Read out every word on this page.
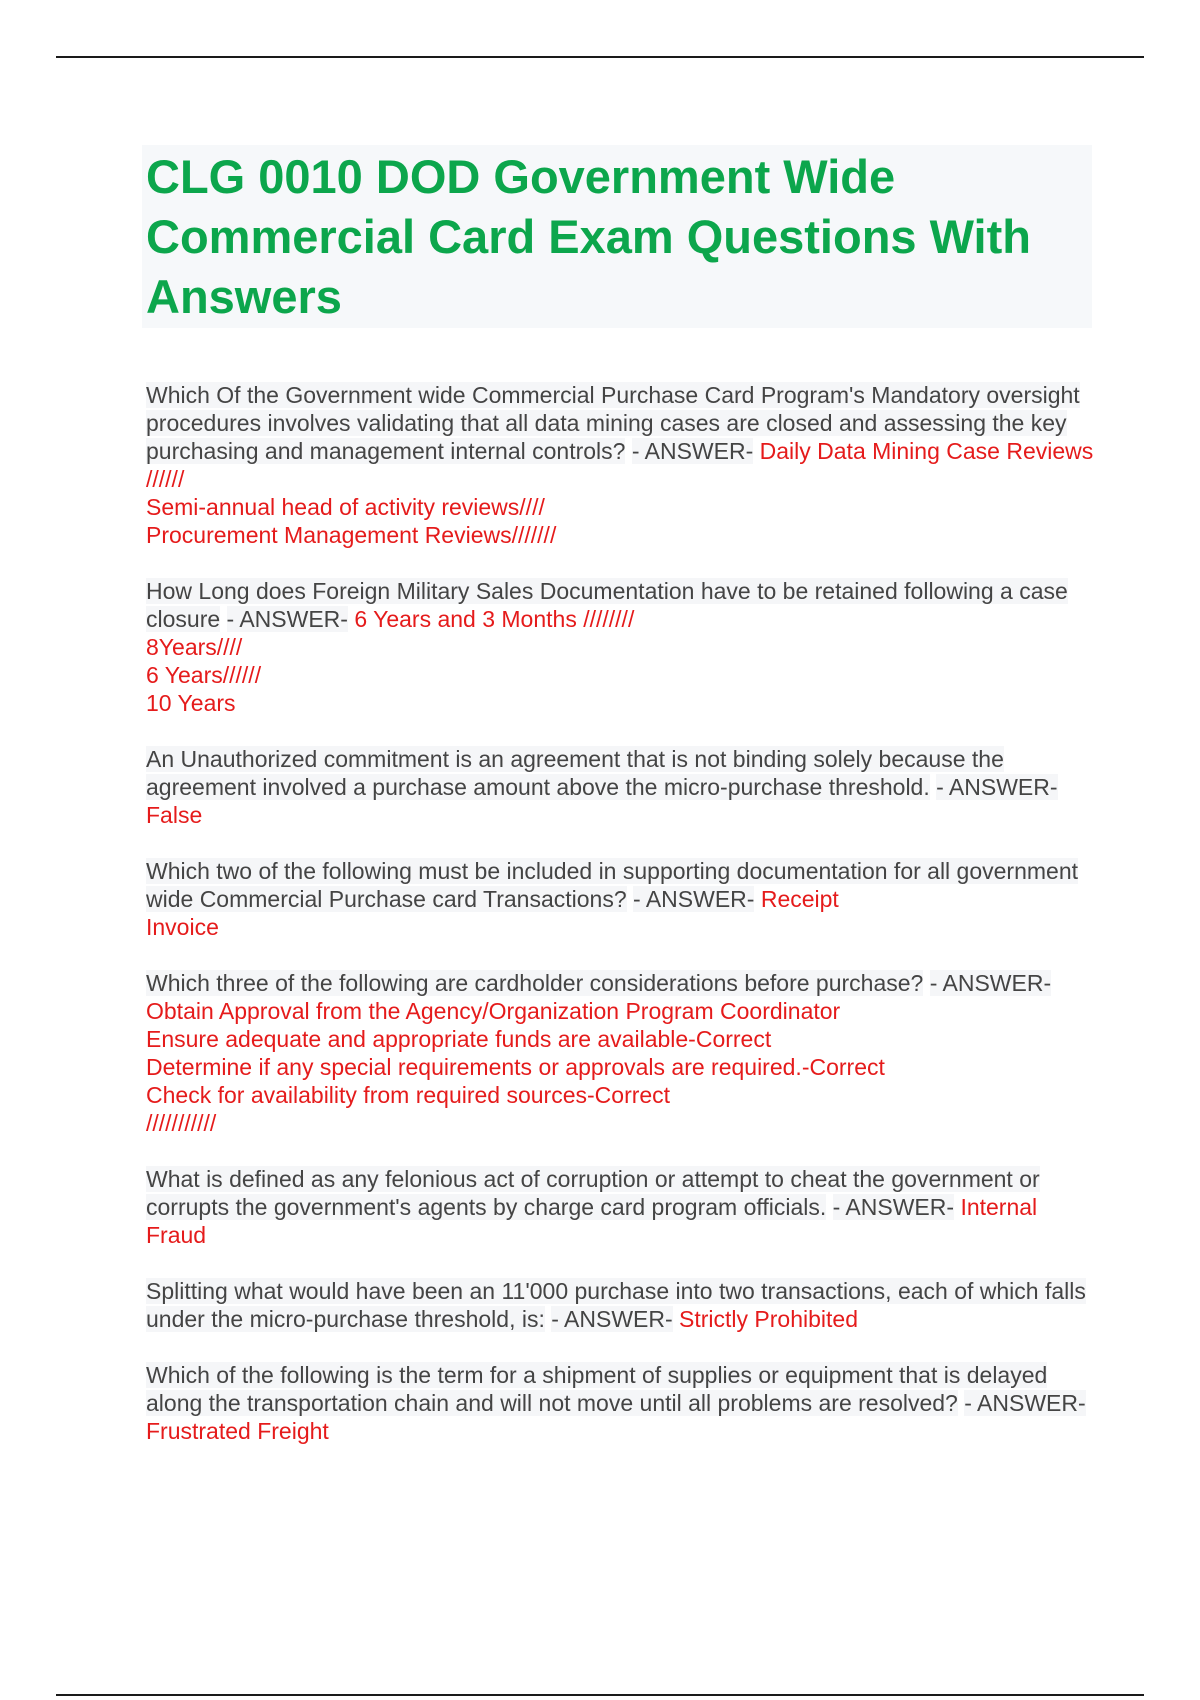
CLG 0010 DOD Government Wide Commercial Card Exam Questions With Answers

Which Of the Government wide Commercial Purchase Card Program's Mandatory oversight procedures involves validating that all data mining cases are closed and assessing the key purchasing and management internal controls? - ANSWER- Daily Data Mining Case Reviews //////
Semi-annual head of activity reviews////
Procurement Management Reviews///////

How Long does Foreign Military Sales Documentation have to be retained following a case closure - ANSWER- 6 Years and 3 Months ////////
8Years////
6 Years//////
10 Years

An Unauthorized commitment is an agreement that is not binding solely because the agreement involved a purchase amount above the micro-purchase threshold. - ANSWER- False

Which two of the following must be included in supporting documentation for all government wide Commercial Purchase card Transactions? - ANSWER- Receipt
Invoice

Which three of the following are cardholder considerations before purchase? - ANSWER- Obtain Approval from the Agency/Organization Program Coordinator
Ensure adequate and appropriate funds are available-Correct
Determine if any special requirements or approvals are required.-Correct
Check for availability from required sources-Correct
///////////

What is defined as any felonious act of corruption or attempt to cheat the government or corrupts the government's agents by charge card program officials. - ANSWER- Internal Fraud

Splitting what would have been an 11'000 purchase into two transactions, each of which falls under the micro-purchase threshold, is: - ANSWER- Strictly Prohibited

Which of the following is the term for a shipment of supplies or equipment that is delayed along the transportation chain and will not move until all problems are resolved? - ANSWER- Frustrated Freight
